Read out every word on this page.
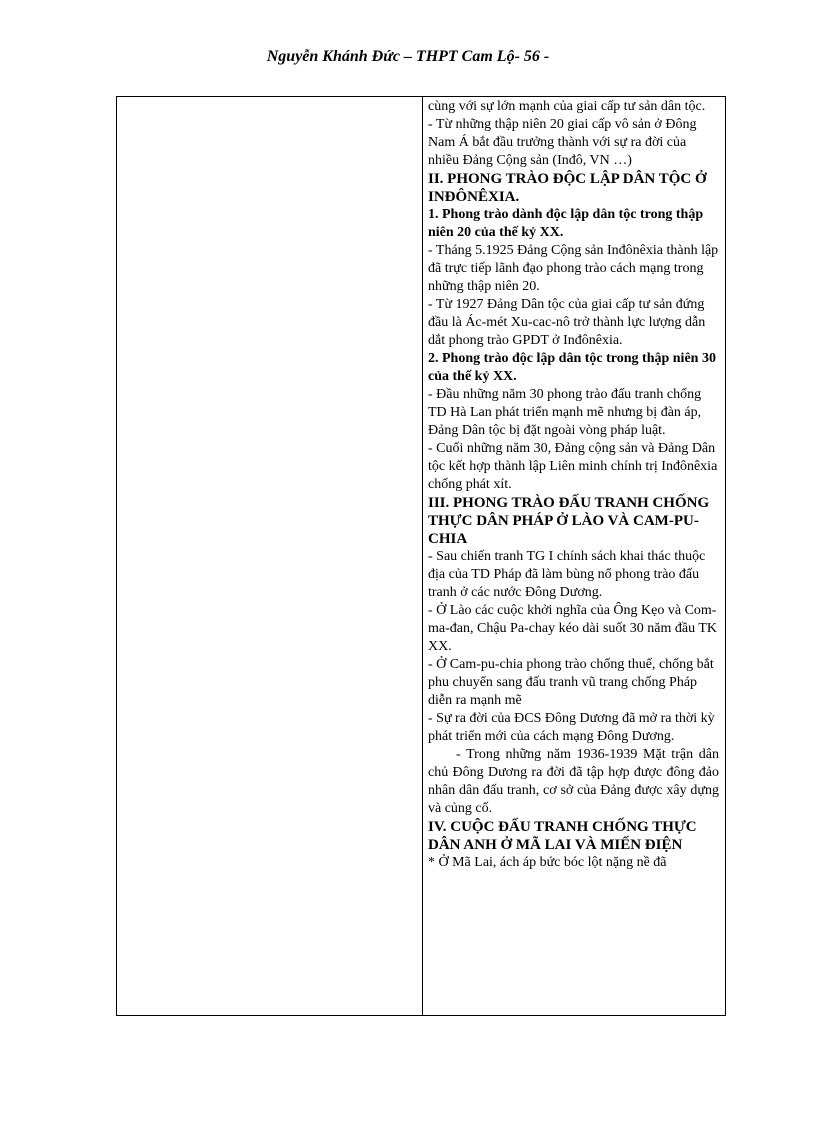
Nguyễn Khánh Đức – THPT Cam Lộ- 56 -

cùng với sự lớn mạnh của giai cấp tư sản dân tộc.

- Từ những thập niên 20 giai cấp vô sản ở Đông Nam Á bắt đầu trưởng thành với sự ra đời của nhiều Đảng Cộng sản (Inđô, VN …)

II. PHONG TRÀO ĐỘC LẬP DÂN TỘC Ở INĐÔNÊXIA.

1. Phong trào dành độc lập dân tộc trong thập niên 20 của thế kỷ XX.

- Tháng 5.1925 Đảng Cộng sản Inđônêxia thành lập đã trực tiếp lãnh đạo phong trào cách mạng trong những thập niên 20.

- Từ 1927 Đảng Dân tộc của giai cấp tư sản đứng đầu là Ác-mét Xu-cac-nô trở thành lực lượng dẫn dắt phong trào GPDT ở Inđônêxia.

2. Phong trào độc lập dân tộc trong thập niên 30 của thế kỷ XX.

- Đầu những năm 30 phong trào đấu tranh chống TD Hà Lan phát triển mạnh mẽ nhưng bị đàn áp, Đảng Dân tộc bị đặt ngoài vòng pháp luật.

- Cuối những năm 30, Đảng cộng sản và Đảng Dân tộc kết hợp thành lập Liên minh chính trị Inđônêxia chống phát xít.

III. PHONG TRÀO ĐẤU TRANH CHỐNG THỰC DÂN PHÁP Ở LÀO VÀ CAM-PU-CHIA

- Sau chiến tranh TG I chính sách khai thác thuộc địa của TD Pháp đã làm bùng nổ phong trào đấu tranh ở các nước Đông Dương.

- Ở Lào các cuộc khởi nghĩa của Ông Kẹo và Com-ma-đan, Chậu Pa-chay kéo dài suốt 30 năm đầu TK XX.

- Ở Cam-pu-chia phong trào chống thuế, chống bắt phu chuyển sang đấu tranh vũ trang chống Pháp diễn ra mạnh mẽ

- Sự ra đời của ĐCS Đông Dương đã mở ra thời kỳ phát triển mới của cách mạng Đông Dương.

- Trong những năm 1936-1939 Mặt trận dân chủ Đông Dương ra đời đã tập hợp được đông đảo nhân dân đấu tranh, cơ sở của Đảng được xây dựng và củng cố.

IV. CUỘC ĐẤU TRANH CHỐNG THỰC DÂN ANH Ở MÃ LAI VÀ MIẾN ĐIỆN

* Ở Mã Lai, ách áp bức bóc lột nặng nề đã
